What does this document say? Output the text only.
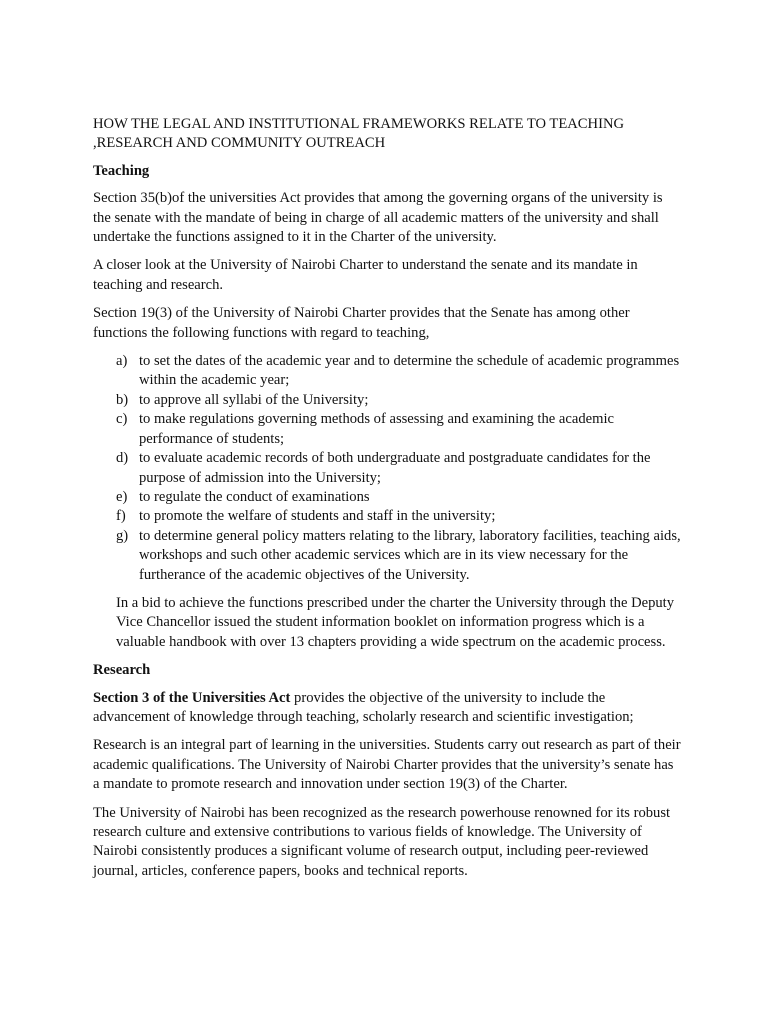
HOW THE LEGAL AND INSTITUTIONAL FRAMEWORKS RELATE TO TEACHING ,RESEARCH AND COMMUNITY OUTREACH

Teaching

Section 35(b)of the universities Act provides that among the governing organs of the university is the senate with the mandate of being in charge of all academic matters of the university and shall undertake the functions assigned to it in the Charter of the university.

A closer look at the University of Nairobi Charter to understand the senate and its mandate in teaching and research.

Section 19(3) of the University of Nairobi Charter provides that the Senate has among other functions the following functions with regard to teaching,

a) to set the dates of the academic year and to determine the schedule of academic programmes within the academic year;
b) to approve all syllabi of the University;
c) to make regulations governing methods of assessing and examining the academic performance of students;
d) to evaluate academic records of both undergraduate and postgraduate candidates for the purpose of admission into the University;
e) to regulate the conduct of examinations
f) to promote the welfare of students and staff in the university;
g) to determine general policy matters relating to the library, laboratory facilities, teaching aids, workshops and such other academic services which are in its view necessary for the furtherance of the academic objectives of the University.

In a bid to achieve the functions prescribed under the charter the University through the Deputy Vice Chancellor issued the student information booklet on information progress which is a valuable handbook with over 13 chapters providing a wide spectrum on the academic process.

Research

Section 3 of the Universities Act provides the objective of the university to include the advancement of knowledge through teaching, scholarly research and scientific investigation;

Research is an integral part of learning in the universities. Students carry out research as part of their academic qualifications. The University of Nairobi Charter provides that the university’s senate has a mandate to promote research and innovation under section 19(3) of the Charter.

The University of Nairobi has been recognized as the research powerhouse renowned for its robust research culture and extensive contributions to various fields of knowledge. The University of Nairobi consistently produces a significant volume of research output, including peer-reviewed journal, articles, conference papers, books and technical reports.
